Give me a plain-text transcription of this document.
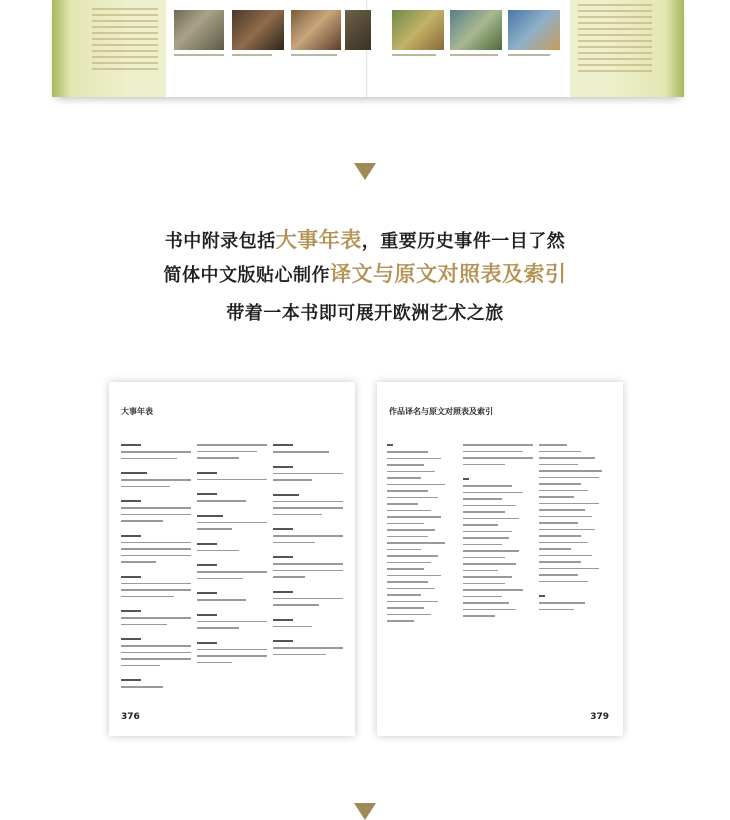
书中附录包括大事年表，重要历史事件一目了然
简体中文版贴心制作译文与原文对照表及索引
带着一本书即可展开欧洲艺术之旅
大事年表
376
作品译名与原文对照表及索引
379
